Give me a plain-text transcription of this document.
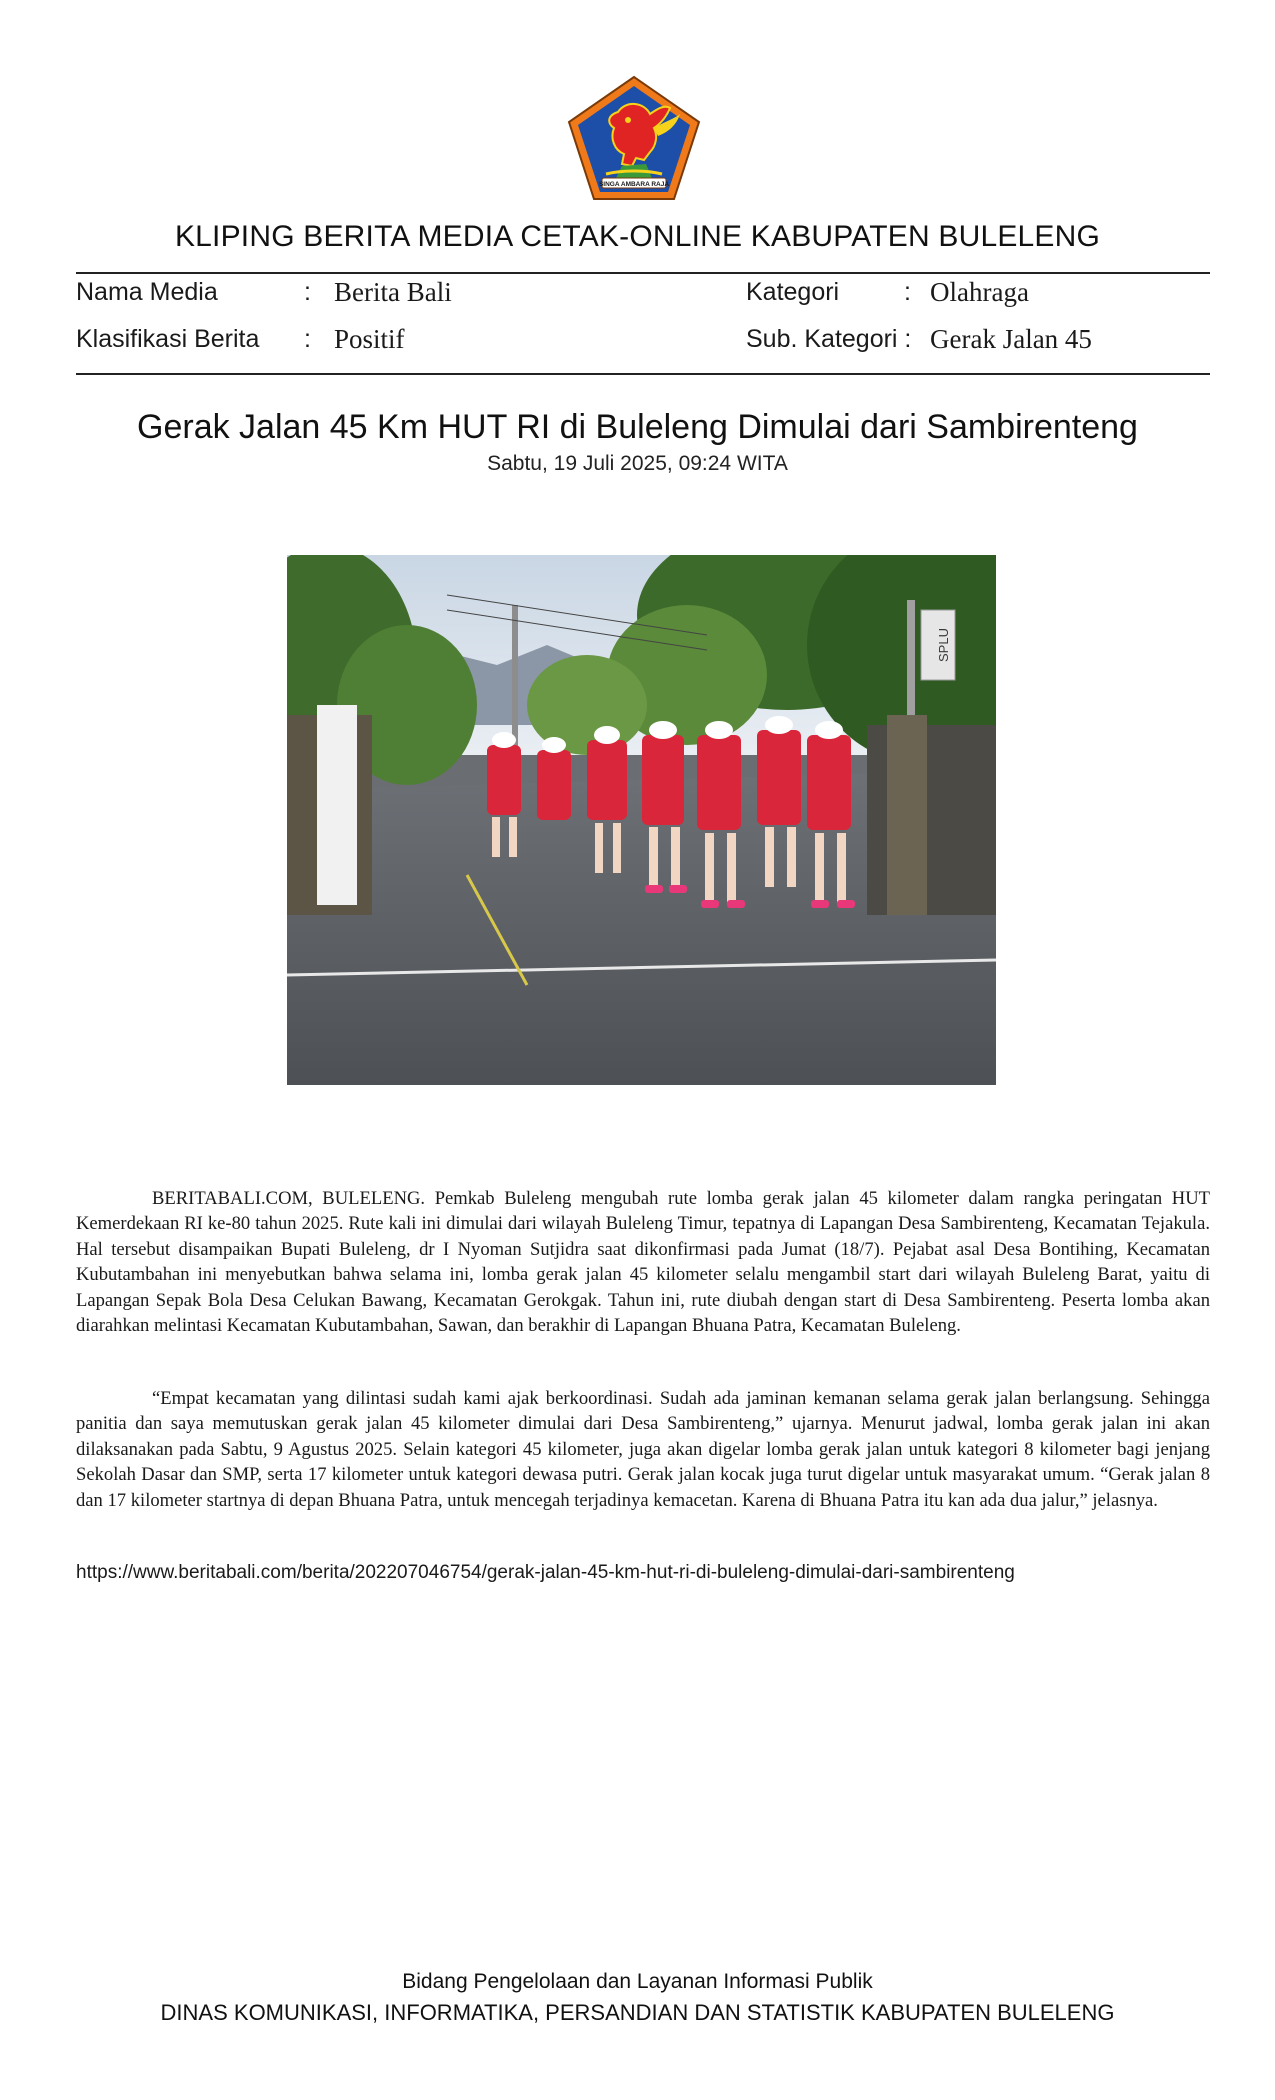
SINGA AMBARA RAJA
KLIPING BERITA MEDIA CETAK-ONLINE KABUPATEN BULELENG
Nama Media	: Berita Bali	Kategori	: Olahraga
Klasifikasi Berita : Positif	Sub. Kategori : Gerak Jalan 45
Gerak Jalan 45 Km HUT RI di Buleleng Dimulai dari Sambirenteng
Sabtu, 19 Juli 2025, 09:24 WITA
SPLU

BERITABALI.COM, BULELENG. Pemkab Buleleng mengubah rute lomba gerak jalan 45 kilometer dalam rangka peringatan HUT Kemerdekaan RI ke-80 tahun 2025. Rute kali ini dimulai dari wilayah Buleleng Timur, tepatnya di Lapangan Desa Sambirenteng, Kecamatan Tejakula. Hal tersebut disampaikan Bupati Buleleng, dr I Nyoman Sutjidra saat dikonfirmasi pada Jumat (18/7). Pejabat asal Desa Bontihing, Kecamatan Kubutambahan ini menyebutkan bahwa selama ini, lomba gerak jalan 45 kilometer selalu mengambil start dari wilayah Buleleng Barat, yaitu di Lapangan Sepak Bola Desa Celukan Bawang, Kecamatan Gerokgak. Tahun ini, rute diubah dengan start di Desa Sambirenteng. Peserta lomba akan diarahkan melintasi Kecamatan Kubutambahan, Sawan, dan berakhir di Lapangan Bhuana Patra, Kecamatan Buleleng.

“Empat kecamatan yang dilintasi sudah kami ajak berkoordinasi. Sudah ada jaminan kemanan selama gerak jalan berlangsung. Sehingga panitia dan saya memutuskan gerak jalan 45 kilometer dimulai dari Desa Sambirenteng,” ujarnya. Menurut jadwal, lomba gerak jalan ini akan dilaksanakan pada Sabtu, 9 Agustus 2025. Selain kategori 45 kilometer, juga akan digelar lomba gerak jalan untuk kategori 8 kilometer bagi jenjang Sekolah Dasar dan SMP, serta 17 kilometer untuk kategori dewasa putri. Gerak jalan kocak juga turut digelar untuk masyarakat umum. “Gerak jalan 8 dan 17 kilometer startnya di depan Bhuana Patra, untuk mencegah terjadinya kemacetan. Karena di Bhuana Patra itu kan ada dua jalur,” jelasnya.

https://www.beritabali.com/berita/202207046754/gerak-jalan-45-km-hut-ri-di-buleleng-dimulai-dari-sambirenteng
Bidang Pengelolaan dan Layanan Informasi Publik
DINAS KOMUNIKASI, INFORMATIKA, PERSANDIAN DAN STATISTIK KABUPATEN BULELENG
